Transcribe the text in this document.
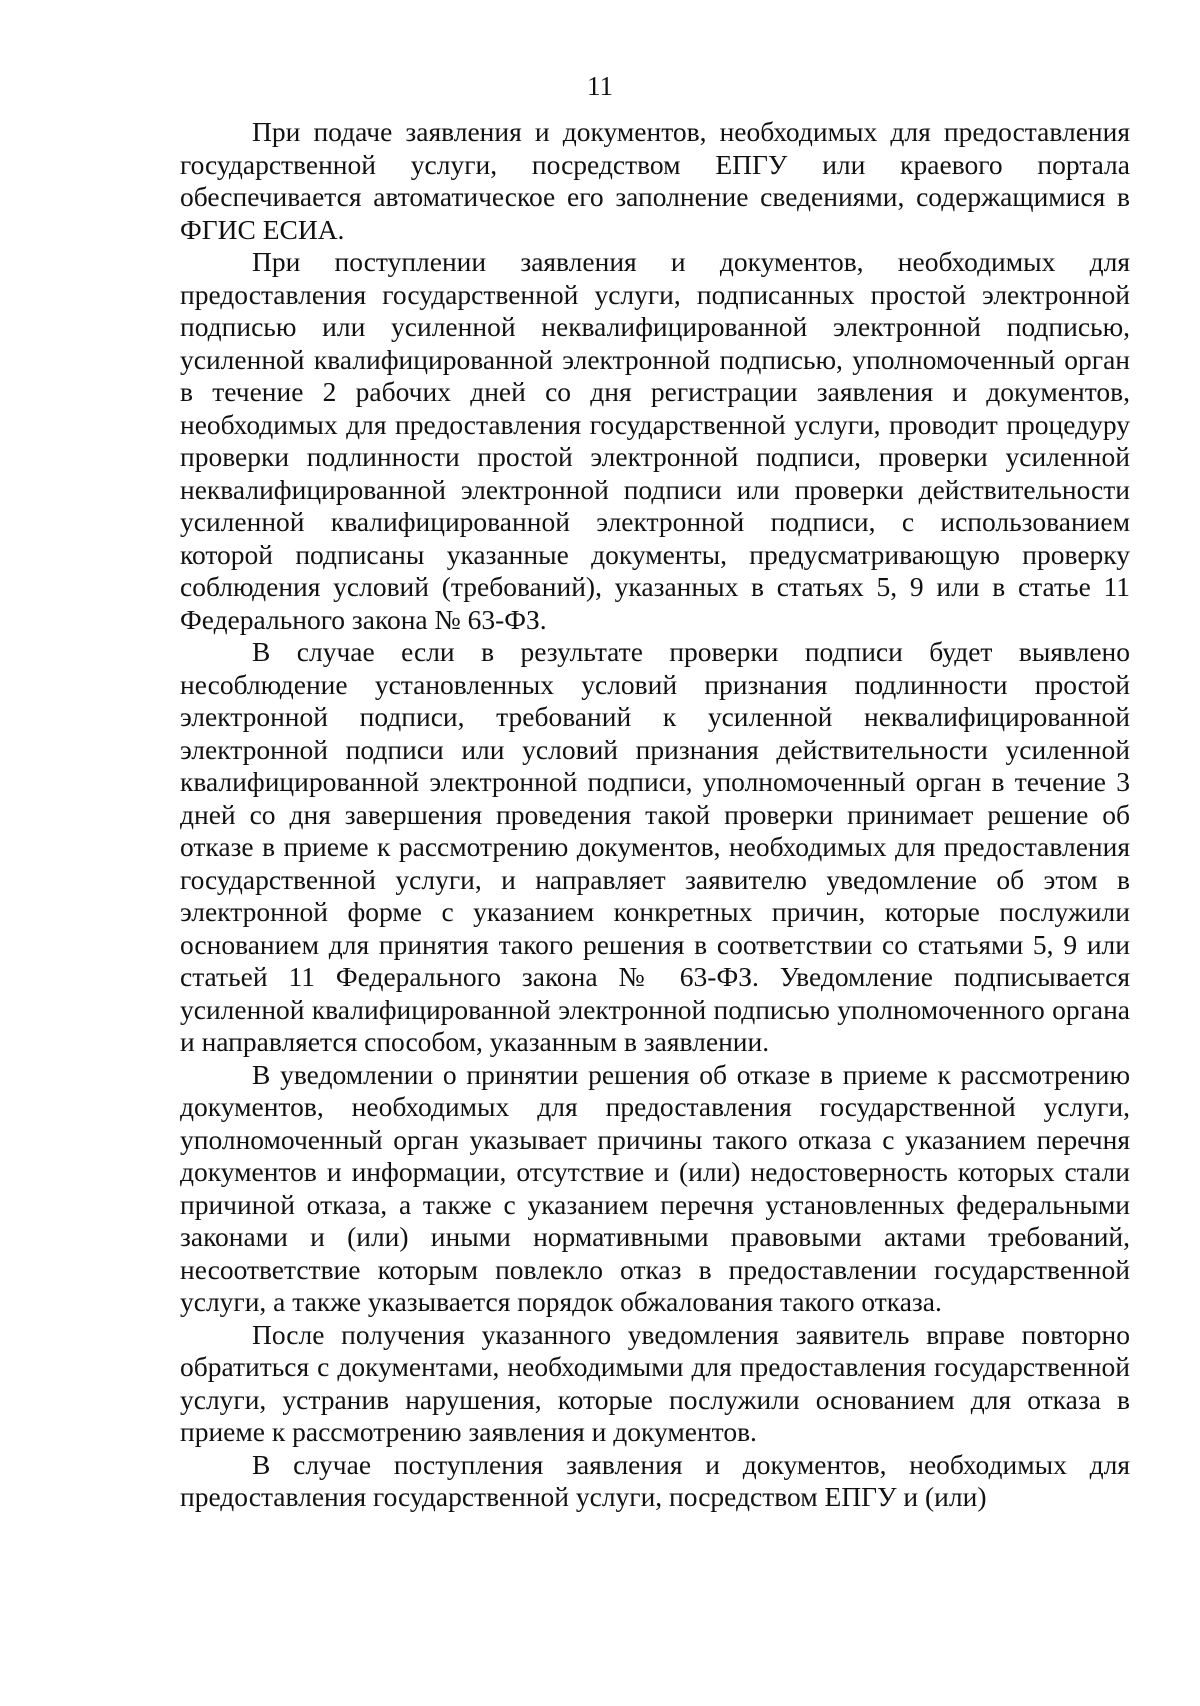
11

При подаче заявления и документов, необходимых для предоставления государственной услуги, посредством ЕПГУ или краевого портала обеспечивается автоматическое его заполнение сведениями, содержащимися в ФГИС ЕСИА.

При поступлении заявления и документов, необходимых для предоставления государственной услуги, подписанных простой электронной подписью или усиленной неквалифицированной электронной подписью, усиленной квалифицированной электронной подписью, уполномоченный орган в течение 2 рабочих дней со дня регистрации заявления и документов, необходимых для предоставления государственной услуги, проводит процедуру проверки подлинности простой электронной подписи, проверки усиленной неквалифицированной электронной подписи или проверки действительности усиленной квалифицированной электронной подписи, с использованием которой подписаны указанные документы, предусматривающую проверку соблюдения условий (требований), указанных в статьях 5, 9 или в статье 11 Федерального закона № 63-ФЗ.

В случае если в результате проверки подписи будет выявлено несоблюдение установленных условий признания подлинности простой электронной подписи, требований к усиленной неквалифицированной электронной подписи или условий признания действительности усиленной квалифицированной электронной подписи, уполномоченный орган в течение 3 дней со дня завершения проведения такой проверки принимает решение об отказе в приеме к рассмотрению документов, необходимых для предоставления государственной услуги, и направляет заявителю уведомление об этом в электронной форме с указанием конкретных причин, которые послужили основанием для принятия такого решения в соответствии со статьями 5, 9 или статьей 11 Федерального закона № 63-ФЗ. Уведомление подписывается усиленной квалифицированной электронной подписью уполномоченного органа и направляется способом, указанным в заявлении.

В уведомлении о принятии решения об отказе в приеме к рассмотрению документов, необходимых для предоставления государственной услуги, уполномоченный орган указывает причины такого отказа с указанием перечня документов и информации, отсутствие и (или) недостоверность которых стали причиной отказа, а также с указанием перечня установленных федеральными законами и (или) иными нормативными правовыми актами требований, несоответствие которым повлекло отказ в предоставлении государственной услуги, а также указывается порядок обжалования такого отказа.

После получения указанного уведомления заявитель вправе повторно обратиться с документами, необходимыми для предоставления государственной услуги, устранив нарушения, которые послужили основанием для отказа в приеме к рассмотрению заявления и документов.

В случае поступления заявления и документов, необходимых для предоставления государственной услуги, посредством ЕПГУ и (или)
